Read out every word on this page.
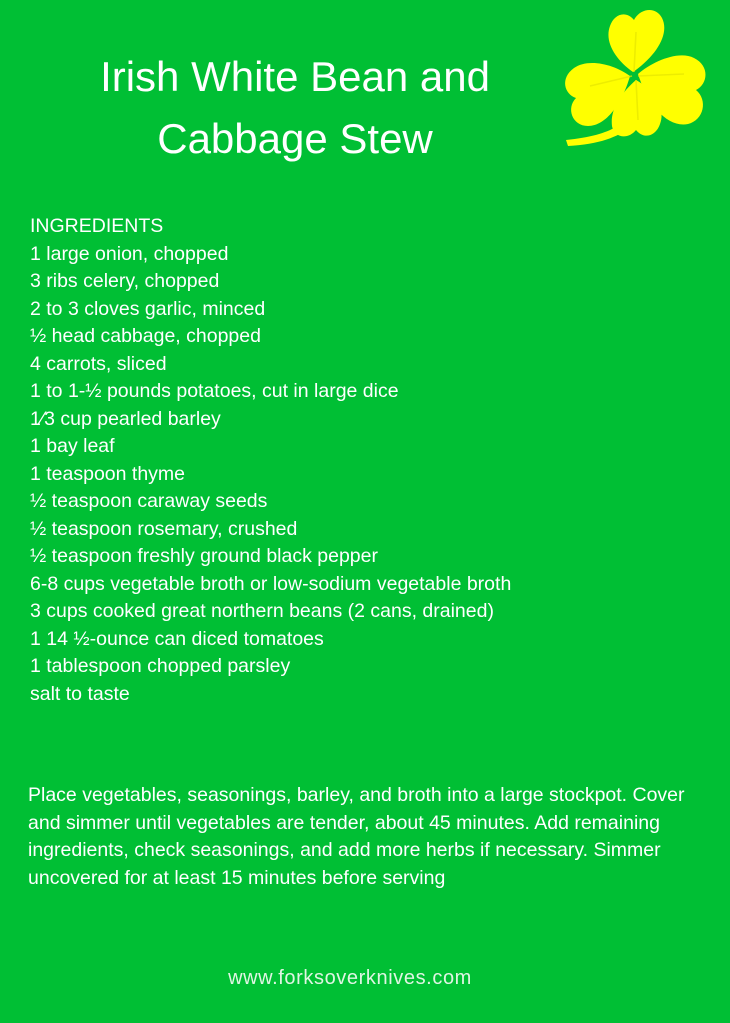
Irish White Bean and
Cabbage Stew
INGREDIENTS
1 large onion, chopped
3 ribs celery, chopped
2 to 3 cloves garlic, minced
½ head cabbage, chopped
4 carrots, sliced
1 to 1-½ pounds potatoes, cut in large dice
1⁄3 cup pearled barley
1 bay leaf
1 teaspoon thyme
½ teaspoon caraway seeds
½ teaspoon rosemary, crushed
½ teaspoon freshly ground black pepper
6-8 cups vegetable broth or low-sodium vegetable broth
3 cups cooked great northern beans (2 cans, drained)
1 14 ½-ounce can diced tomatoes
1 tablespoon chopped parsley
salt to taste

Place vegetables, seasonings, barley, and broth into a large stockpot. Cover and simmer until vegetables are tender, about 45 minutes. Add remaining ingredients, check seasonings, and add more herbs if necessary. Simmer uncovered for at least 15 minutes before serving

www.forksoverknives.com
